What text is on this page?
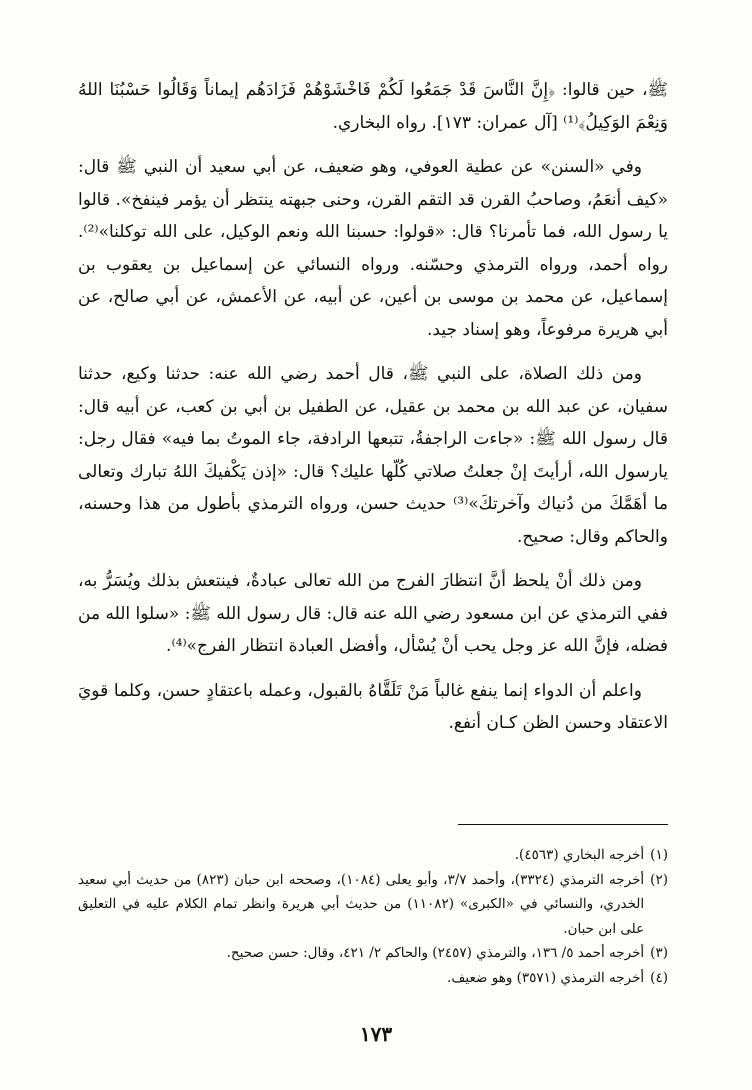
ﷺ، حين قالوا: ﴿إِنَّ النَّاسَ قَدْ جَمَعُوا لَكُمْ فَاخْشَوْهُمْ فَزَادَهُم إيماناً وَقَالُوا حَسْبُنَا اللهُ وَنِعْمَ الوَكِيلُ﴾⁽¹⁾ [آل عمران: ١٧٣]. رواه البخاري.

وفي «السنن» عن عطية العوفي، وهو ضعيف، عن أبي سعيد أن النبي ﷺ قال: «كيف أنعَمُ، وصاحبُ القرن قد التقم القرن، وحنى جبهته ينتظر أن يؤمر فينفخ». قالوا يا رسول الله، فما تأمرنا؟ قال: «قولوا: حسبنا الله ونعم الوكيل، على الله توكلنا»⁽²⁾. رواه أحمد، ورواه الترمذي وحسّنه. ورواه النسائي عن إسماعيل بن يعقوب بن إسماعيل، عن محمد بن موسى بن أعين، عن أبيه، عن الأعمش، عن أبي صالح، عن أبي هريرة مرفوعاً، وهو إسناد جيد.

ومن ذلك الصلاة، على النبي ﷺ، قال أحمد رضي الله عنه: حدثنا وكيع، حدثنا سفيان، عن عبد الله بن محمد بن عقيل، عن الطفيل بن أبي بن كعب، عن أبيه قال: قال رسول الله ﷺ: «جاءت الراجفةُ، تتبعها الرادفة، جاء الموتُ بما فيه» فقال رجل: يارسول الله، أرأيتَ إنْ جعلتُ صلاتي كُلّها عليك؟ قال: «إذن يَكْفيكَ اللهُ تبارك وتعالى ما أهَمَّكَ من دُنياك وآخرتكَ»⁽³⁾ حديث حسن، ورواه الترمذي بأطول من هذا وحسنه، والحاكم وقال: صحيح.

ومن ذلك أنْ يلحظ أنَّ انتظارَ الفرج من الله تعالى عبادةٌ، فينتعش بذلك ويُسَرُّ به، ففي الترمذي عن ابن مسعود رضي الله عنه قال: قال رسول الله ﷺ: «سلوا الله من فضله، فإنَّ الله عز وجل يحب أنْ يُسْأل، وأفضل العبادة انتظار الفرج»⁽⁴⁾.

واعلم أن الدواء إنما ينفع غالباً مَنْ تَلَقَّاهُ بالقبول، وعمله باعتقادٍ حسن، وكلما قويَ الاعتقاد وحسن الظن كـان أنفع.

(١)
أخرجه البخاري (٤٥٦٣).

(٢)
أخرجه الترمذي (٣٣٢٤)، وأحمد ٣/٧، وأبو يعلى (١٠٨٤)، وصححه ابن حبان (٨٢٣) من حديث أبي سعيد الخدري، والنسائي في «الكبرى» (١١٠٨٢) من حديث أبي هريرة وانظر تمام الكلام عليه في التعليق على ابن حبان.

(٣)
أخرجه أحمد ٥/ ١٣٦، والترمذي (٢٤٥٧) والحاكم ٢/ ٤٢١، وقال: حسن صحيح.

(٤)
أخرجه الترمذي (٣٥٧١) وهو ضعيف.

١٧٣
